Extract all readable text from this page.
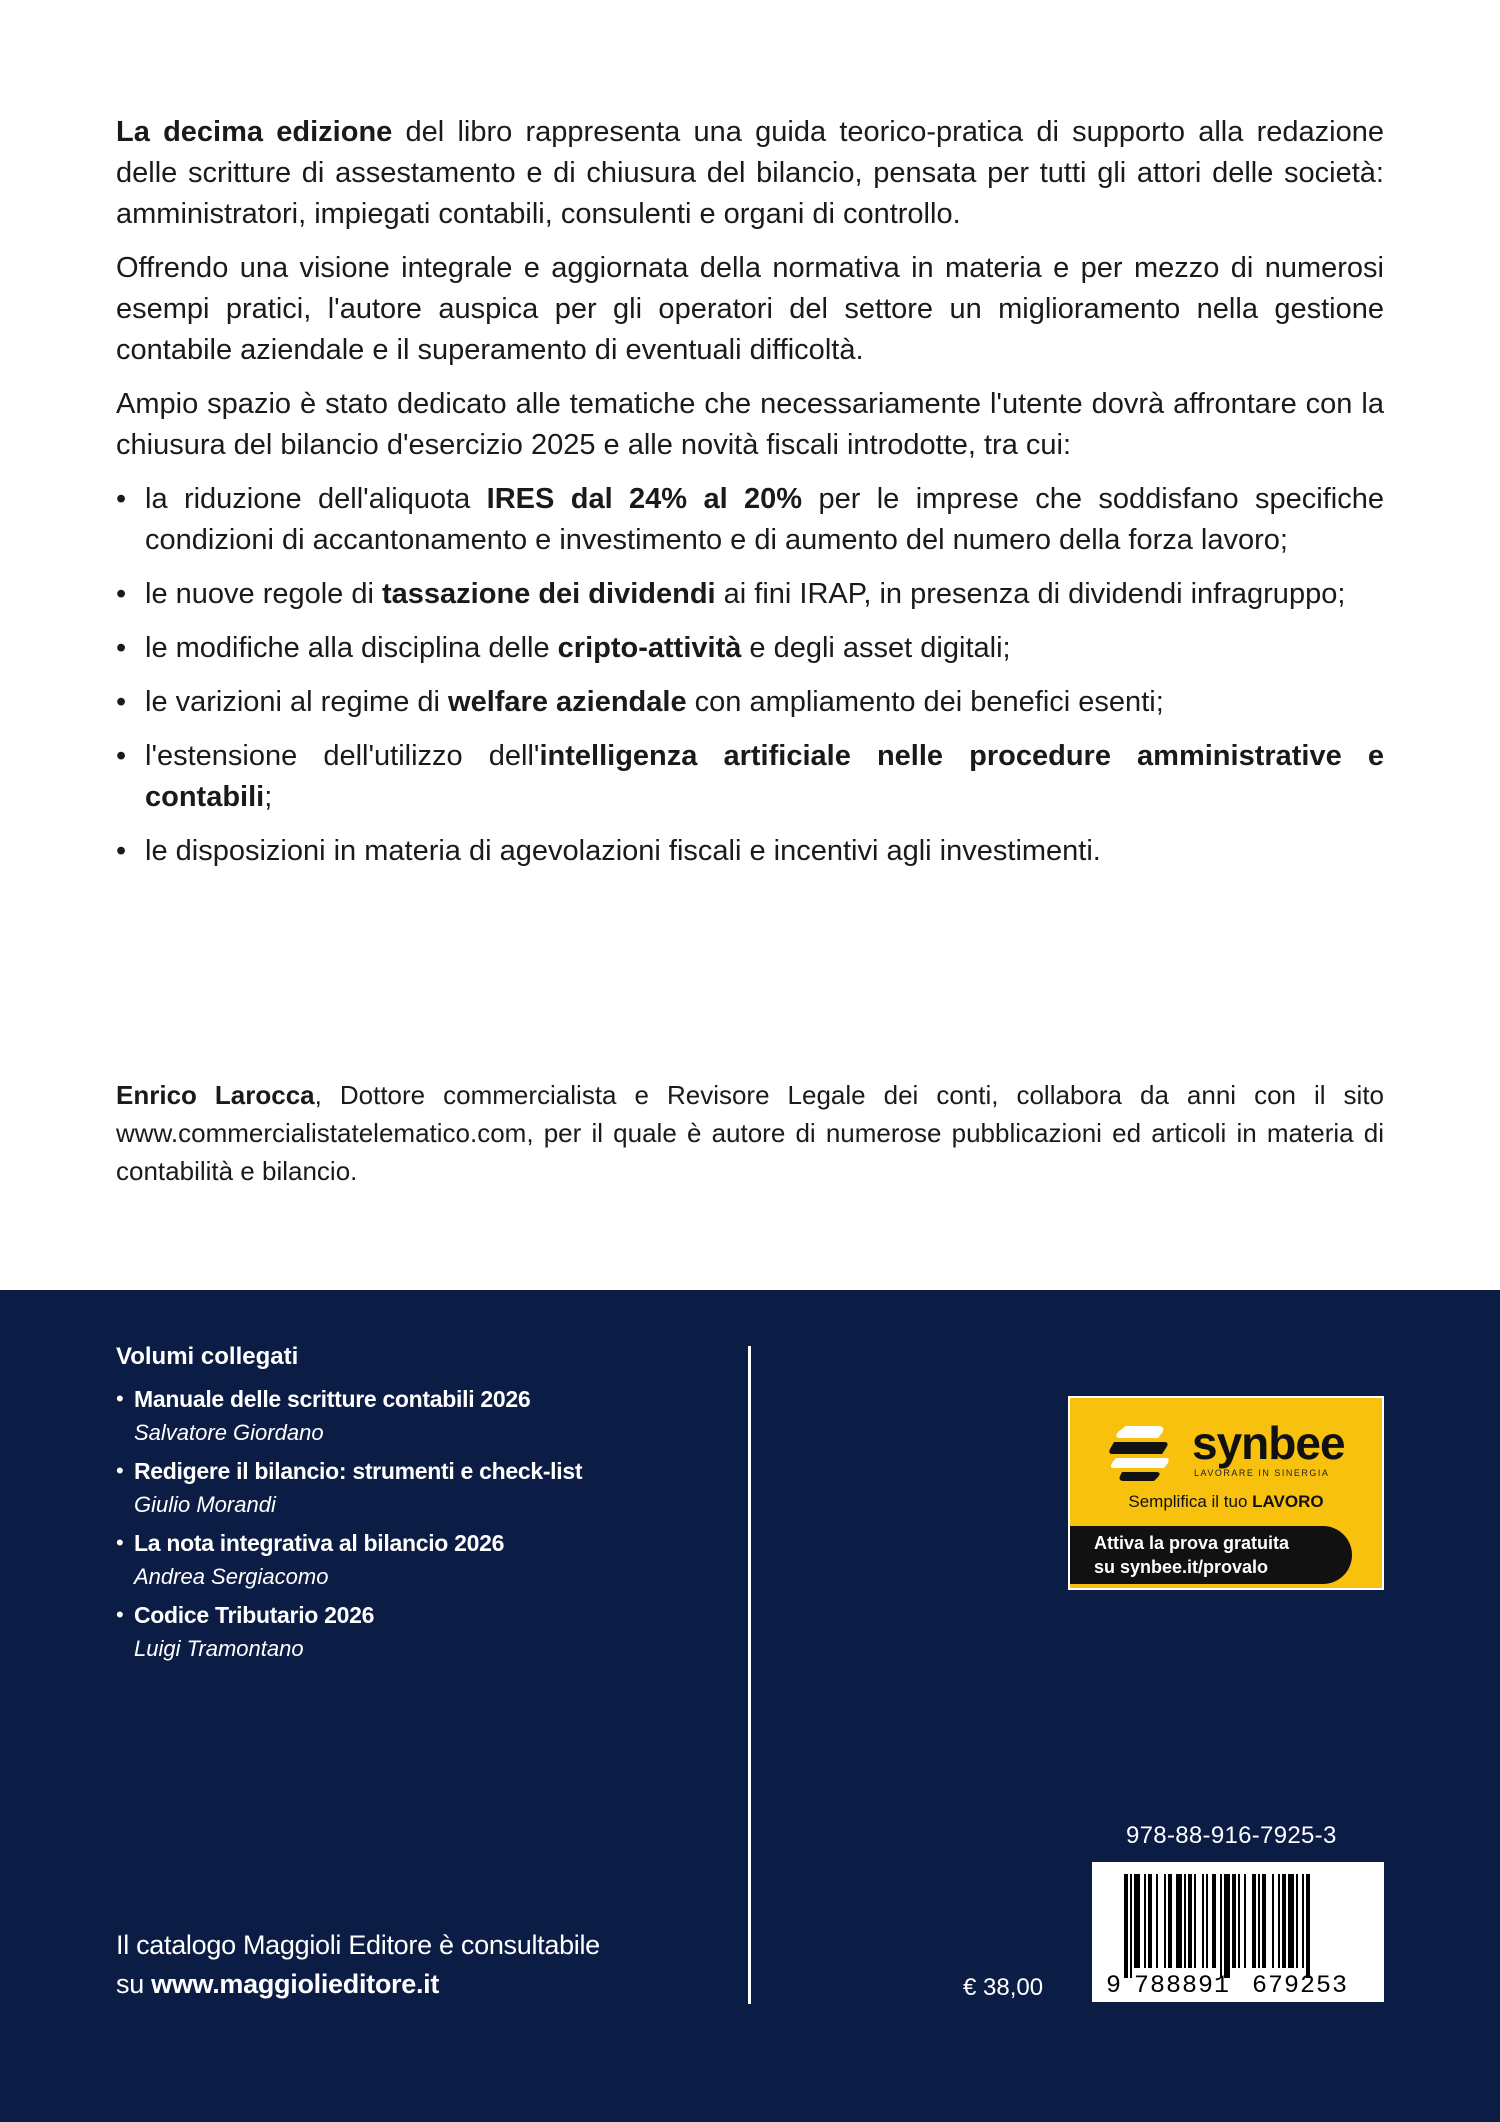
La decima edizione del libro rappresenta una guida teorico-pratica di supporto alla redazione delle scritture di assestamento e di chiusura del bilancio, pensata per tutti gli attori delle società: amministratori, impiegati contabili, consulenti e organi di controllo.

Offrendo una visione integrale e aggiornata della normativa in materia e per mezzo di numerosi esempi pratici, l'autore auspica per gli operatori del settore un miglioramento nella gestione contabile aziendale e il superamento di eventuali difficoltà.

Ampio spazio è stato dedicato alle tematiche che necessariamente l'utente dovrà affrontare con la chiusura del bilancio d'esercizio 2025 e alle novità fiscali introdotte, tra cui:

• la riduzione dell'aliquota IRES dal 24% al 20% per le imprese che soddisfano specifiche condizioni di accantonamento e investimento e di aumento del numero della forza lavoro;
• le nuove regole di tassazione dei dividendi ai fini IRAP, in presenza di dividendi infragruppo;
• le modifiche alla disciplina delle cripto-attività e degli asset digitali;
• le varizioni al regime di welfare aziendale con ampliamento dei benefici esenti;
• l'estensione dell'utilizzo dell'intelligenza artificiale nelle procedure amministrative e contabili;
• le disposizioni in materia di agevolazioni fiscali e incentivi agli investimenti.

Enrico Larocca, Dottore commercialista e Revisore Legale dei conti, collabora da anni con il sito www.commercialistatelematico.com, per il quale è autore di numerose pubblicazioni ed articoli in materia di contabilità e bilancio.

Volumi collegati
• Manuale delle scritture contabili 2026
Salvatore Giordano
• Redigere il bilancio: strumenti e check-list
Giulio Morandi
• La nota integrativa al bilancio 2026
Andrea Sergiacomo
• Codice Tributario 2026
Luigi Tramontano
Il catalogo Maggioli Editore è consultabile
su www.maggiolieditore.it
synbee
LAVORARE IN SINERGIA
Semplifica il tuo LAVORO
Attiva la prova gratuita
su synbee.it/provalo
978-88-916-7925-3
9 788891 679253
€ 38,00
